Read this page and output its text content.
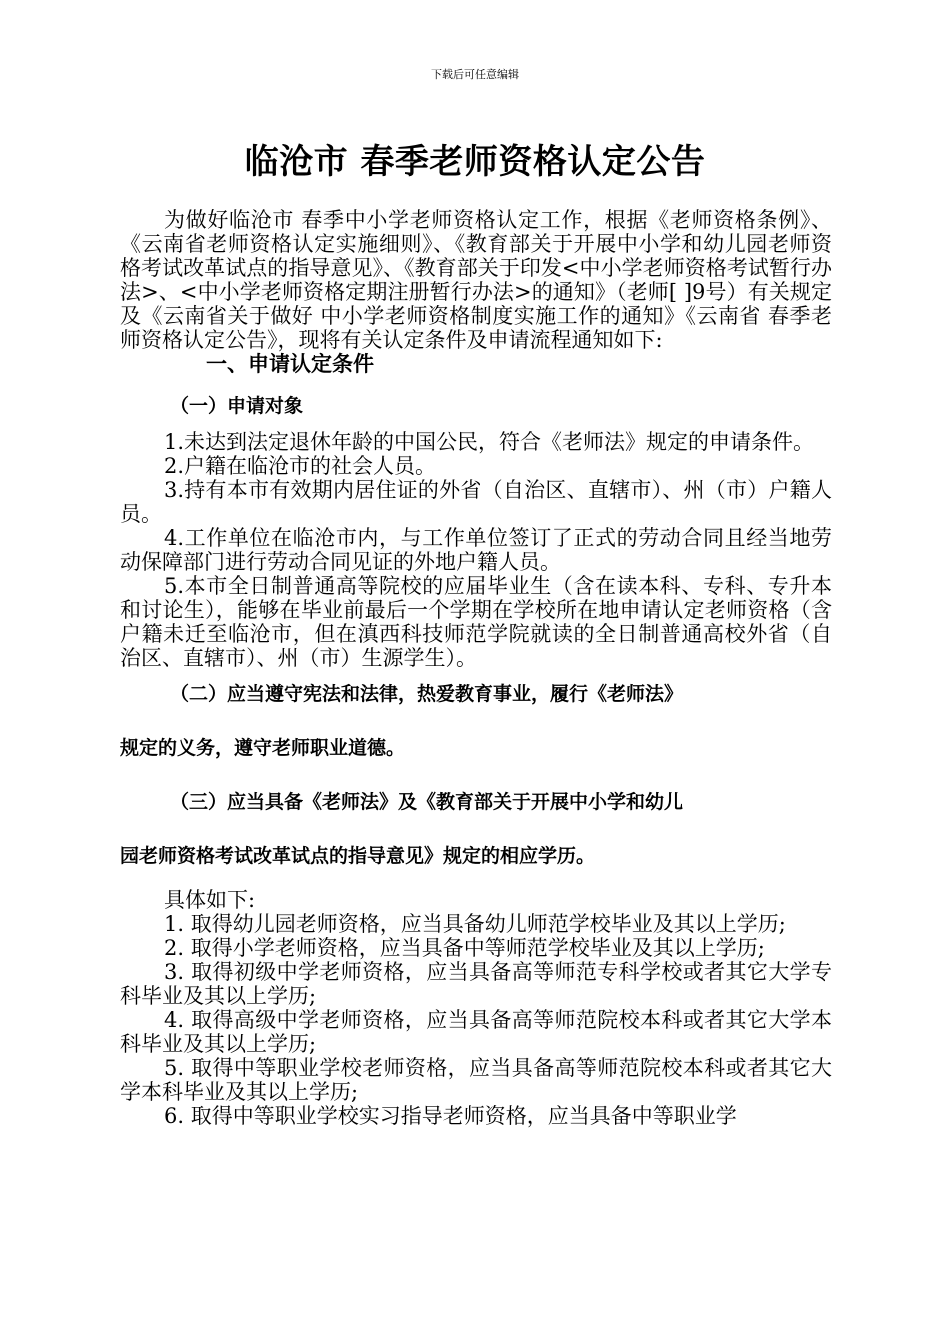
下载后可任意编辑
临沧市 春季老师资格认定公告

为做好临沧市 春季中小学老师资格认定工作，根据《老师资格条例》、《云南省老师资格认定实施细则》、《教育部关于开展中小学和幼儿园老师资格考试改革试点的指导意见》、《教育部关于印发<中小学老师资格考试暂行办法>、<中小学老师资格定期注册暂行办法>的通知》（老师[ ]9号）有关规定及《云南省关于做好 中小学老师资格制度实施工作的通知》《云南省 春季老师资格认定公告》，现将有关认定条件及申请流程通知如下:

一、申请认定条件

（一）申请对象

1.未达到法定退休年龄的中国公民，符合《老师法》规定的申请条件。

2.户籍在临沧市的社会人员。

3.持有本市有效期内居住证的外省（自治区、直辖市）、州（市）户籍人员。

4.工作单位在临沧市内，与工作单位签订了正式的劳动合同且经当地劳动保障部门进行劳动合同见证的外地户籍人员。

5.本市全日制普通高等院校的应届毕业生（含在读本科、专科、专升本和讨论生），能够在毕业前最后一个学期在学校所在地申请认定老师资格（含户籍未迁至临沧市，但在滇西科技师范学院就读的全日制普通高校外省（自治区、直辖市）、州（市）生源学生）。

（二）应当遵守宪法和法律，热爱教育事业，履行《老师法》

规定的义务，遵守老师职业道德。

（三）应当具备《老师法》及《教育部关于开展中小学和幼儿

园老师资格考试改革试点的指导意见》规定的相应学历。

具体如下:

1. 取得幼儿园老师资格，应当具备幼儿师范学校毕业及其以上学历;

2. 取得小学老师资格，应当具备中等师范学校毕业及其以上学历;

3. 取得初级中学老师资格，应当具备高等师范专科学校或者其它大学专科毕业及其以上学历;

4. 取得高级中学老师资格，应当具备高等师范院校本科或者其它大学本科毕业及其以上学历;

5. 取得中等职业学校老师资格，应当具备高等师范院校本科或者其它大学本科毕业及其以上学历;

6. 取得中等职业学校实习指导老师资格，应当具备中等职业学
